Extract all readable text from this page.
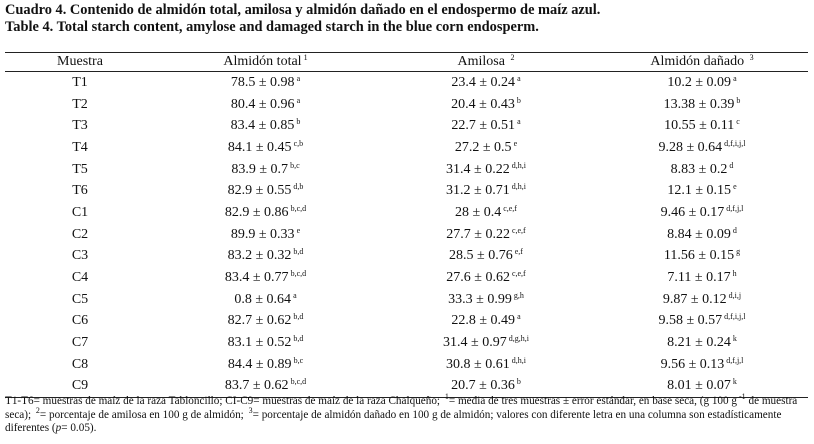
Cuadro 4. Contenido de almidón total, amilosa y almidón dañado en el endospermo de maíz azul.
Table 4. Total starch content, amylose and damaged starch in the blue corn endosperm.
Muestra	Almidón total $^1$	Amilosa $^2$	Almidón dañado $^3$
T1	78.5 ± 0.98 $^a$	23.4 ± 0.24 $^a$	10.2 ± 0.09 $^a$
T2	80.4 ± 0.96 $^a$	20.4 ± 0.43 $^b$	13.38 ± 0.39 $^b$
T3	83.4 ± 0.85 $^b$	22.7 ± 0.51 $^a$	10.55 ± 0.11 $^c$
T4	84.1 ± 0.45 $^{c,b}$	27.2 ± 0.5 $^e$	9.28 ± 0.64 $^{d,f,i,j,l}$
T5	83.9 ± 0.7 $^{b,c}$	31.4 ± 0.22 $^{d,h,i}$	8.83 ± 0.2 $^d$
T6	82.9 ± 0.55 $^{d,b}$	31.2 ± 0.71 $^{d,h,i}$	12.1 ± 0.15 $^e$
C1	82.9 ± 0.86 $^{b,c,d}$	28 ± 0.4 $^{c,e,f}$	9.46 ± 0.17 $^{d,f,j,l}$
C2	89.9 ± 0.33 $^e$	27.7 ± 0.22 $^{c,e,f}$	8.84 ± 0.09 $^d$
C3	83.2 ± 0.32 $^{b,d}$	28.5 ± 0.76 $^{e,f}$	11.56 ± 0.15 $^g$
C4	83.4 ± 0.77 $^{b,c,d}$	27.6 ± 0.62 $^{c,e,f}$	7.11 ± 0.17 $^h$
C5	0.8 ± 0.64 $^a$	33.3 ± 0.99 $^{g,h}$	9.87 ± 0.12 $^{d,i,j}$
C6	82.7 ± 0.62 $^{b,d}$	22.8 ± 0.49 $^a$	9.58 ± 0.57 $^{d,f,i,j,l}$
C7	83.1 ± 0.52 $^{b,d}$	31.4 ± 0.97 $^{d,g,h,i}$	8.21 ± 0.24 $^k$
C8	84.4 ± 0.89 $^{b,c}$	30.8 ± 0.61 $^{d,h,i}$	9.56 ± 0.13 $^{d,f,j,l}$
C9	83.7 ± 0.62 $^{b,c,d}$	20.7 ± 0.36 $^b$	8.01 ± 0.07 $^k$
T1-T6= muestras de maíz de la raza Tabloncillo; CI-C9= muestras de maíz de la raza Chalqueño; $^1$= media de tres muestras ± error estándar, en base seca, (g 100 g $^{-1}$ de muestra seca); $^2$= porcentaje de amilosa en 100 g de almidón; $^3$= porcentaje de almidón dañado en 100 g de almidón; valores con diferente letra en una columna son estadísticamente diferentes (p= 0.05).
